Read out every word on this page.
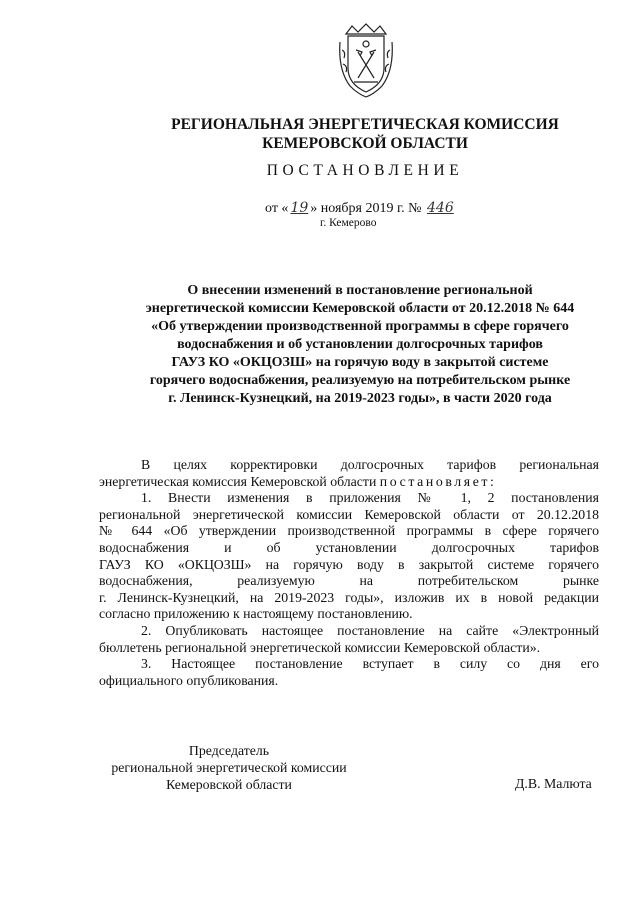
РЕГИОНАЛЬНАЯ ЭНЕРГЕТИЧЕСКАЯ КОМИССИЯ
КЕМЕРОВСКОЙ ОБЛАСТИ
ПОСТАНОВЛЕНИЕ
от « 19 » ноября 2019 г. № 446
г. Кемерово
О внесении изменений в постановление региональной
энергетической комиссии Кемеровской области от 20.12.2018 № 644
«Об утверждении производственной программы в сфере горячего
водоснабжения и об установлении долгосрочных тарифов
ГАУЗ КО «ОКЦОЗШ» на горячую воду в закрытой системе
горячего водоснабжения, реализуемую на потребительском рынке
г. Ленинск-Кузнецкий, на 2019-2023 годы», в части 2020 года
В целях корректировки долгосрочных тарифов региональная
энергетическая комиссия Кемеровской области постановляет:
1. Внести изменения в приложения № 1, 2 постановления
региональной энергетической комиссии Кемеровской области от 20.12.2018
№ 644 «Об утверждении производственной программы в сфере горячего
водоснабжения и об установлении долгосрочных тарифов
ГАУЗ КО «ОКЦОЗШ» на горячую воду в закрытой системе горячего
водоснабжения, реализуемую на потребительском рынке
г. Ленинск-Кузнецкий, на 2019-2023 годы», изложив их в новой редакции
согласно приложению к настоящему постановлению.
2. Опубликовать настоящее постановление на сайте «Электронный
бюллетень региональной энергетической комиссии Кемеровской области».
3. Настоящее постановление вступает в силу со дня его
официального опубликования.
Председатель
региональной энергетической комиссии
Кемеровской области	Д.В. Малюта
